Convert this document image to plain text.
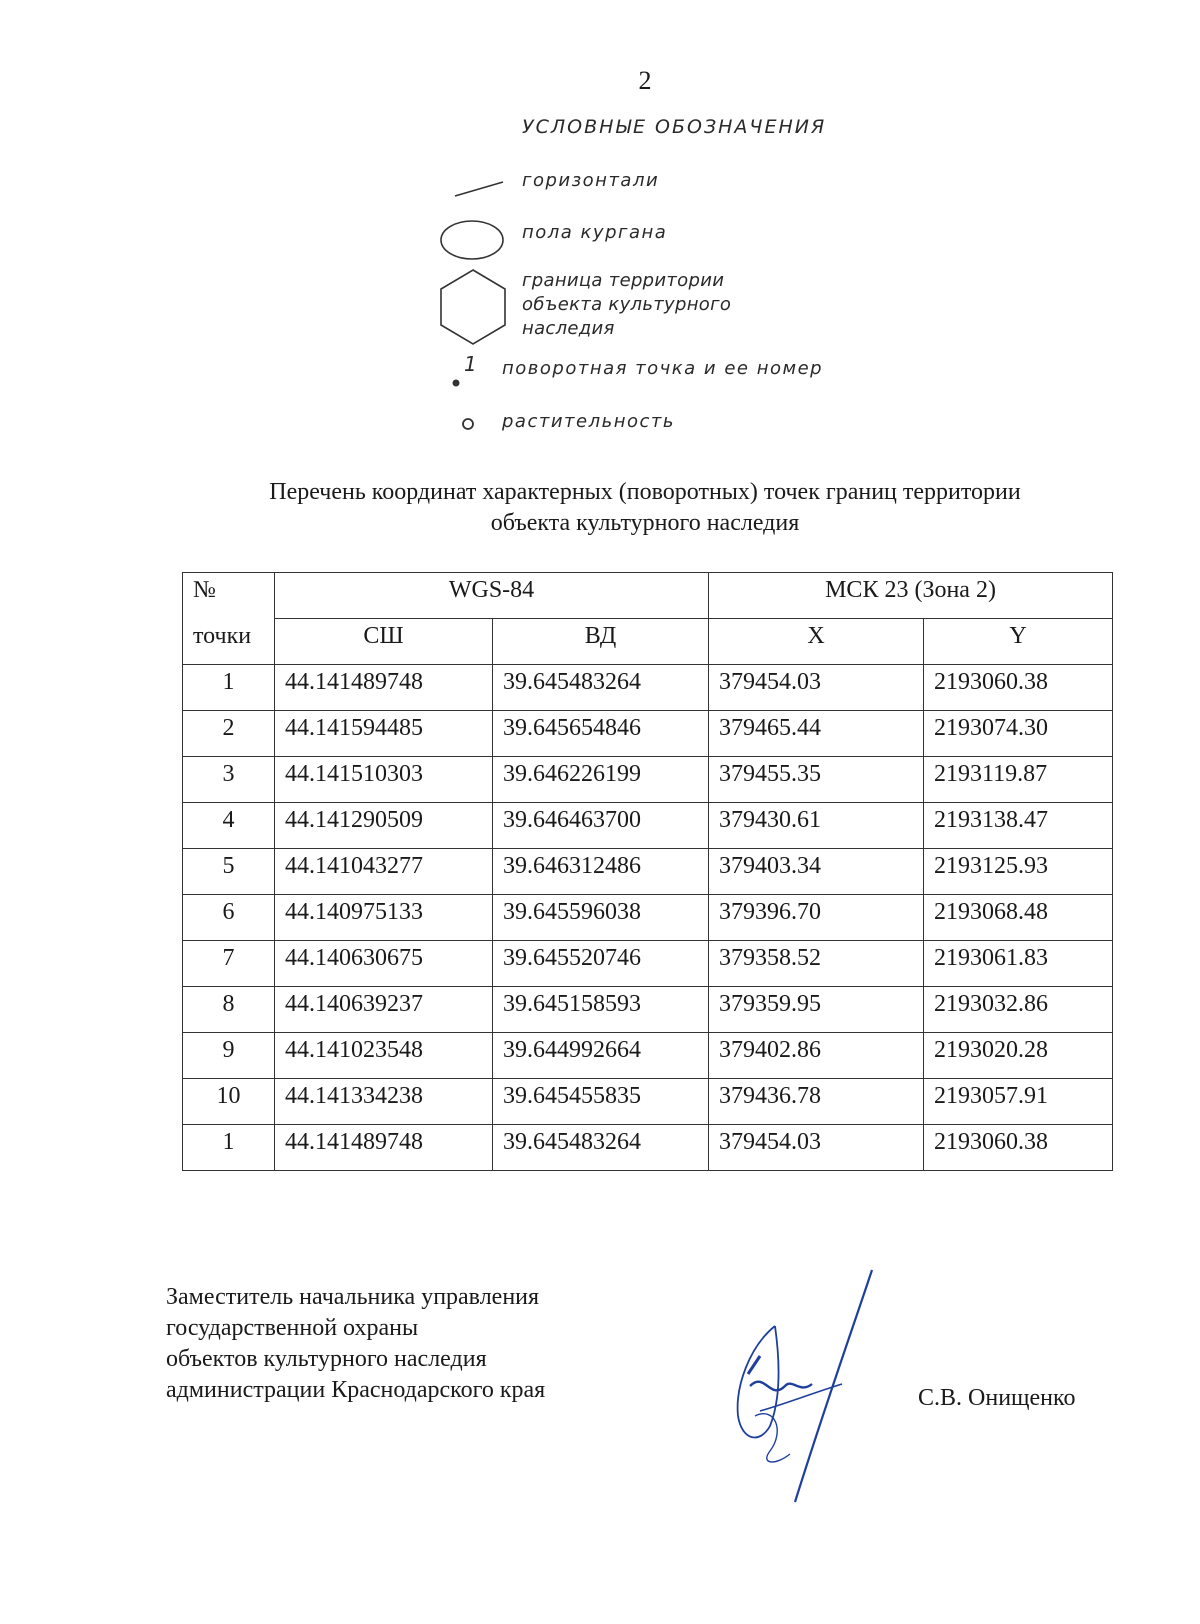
2
УСЛОВНЫЕ ОБОЗНАЧЕНИЯ
горизонтали
пола кургана
граница территории
объекта культурного
наследия
1 поворотная точка и ее номер
растительность
Перечень координат характерных (поворотных) точек границ территории
объекта культурного наследия
№	WGS-84		МСК 23 (Зона 2)	
точки	СШ	ВД	X	Y
1	44.141489748	39.645483264	379454.03	2193060.38
2	44.141594485	39.645654846	379465.44	2193074.30
3	44.141510303	39.646226199	379455.35	2193119.87
4	44.141290509	39.646463700	379430.61	2193138.47
5	44.141043277	39.646312486	379403.34	2193125.93
6	44.140975133	39.645596038	379396.70	2193068.48
7	44.140630675	39.645520746	379358.52	2193061.83
8	44.140639237	39.645158593	379359.95	2193032.86
9	44.141023548	39.644992664	379402.86	2193020.28
10	44.141334238	39.645455835	379436.78	2193057.91
1	44.141489748	39.645483264	379454.03	2193060.38
Заместитель начальника управления
государственной охраны
объектов культурного наследия
администрации Краснодарского края	С.В. Онищенко
